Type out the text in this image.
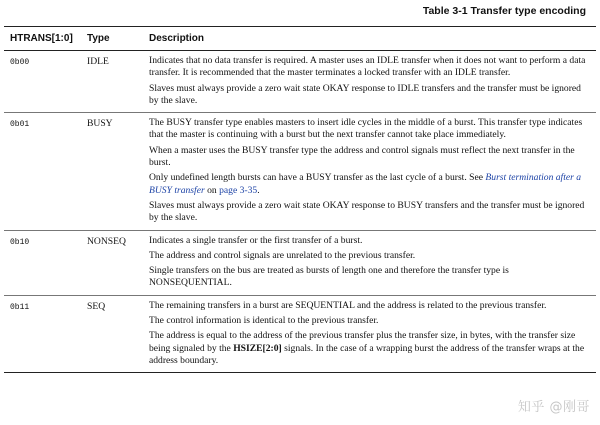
Table 3-1 Transfer type encoding
HTRANS[1:0]	Type	Description
0b00	IDLE	Indicates that no data transfer is required. A master uses an IDLE transfer when it does not want to perform a data transfer. It is recommended that the master terminates a locked transfer with an IDLE transfer.

Slaves must always provide a zero wait state OKAY response to IDLE transfers and the transfer must be ignored by the slave.

0b01	BUSY	The BUSY transfer type enables masters to insert idle cycles in the middle of a burst. This transfer type indicates that the master is continuing with a burst but the next transfer cannot take place immediately.

When a master uses the BUSY transfer type the address and control signals must reflect the next transfer in the burst.

Only undefined length bursts can have a BUSY transfer as the last cycle of a burst. See Burst termination after a BUSY transfer on page 3-35.

Slaves must always provide a zero wait state OKAY response to BUSY transfers and the transfer must be ignored by the slave.

0b10	NONSEQ	Indicates a single transfer or the first transfer of a burst.

The address and control signals are unrelated to the previous transfer.

Single transfers on the bus are treated as bursts of length one and therefore the transfer type is NONSEQUENTIAL.

0b11	SEQ	The remaining transfers in a burst are SEQUENTIAL and the address is related to the previous transfer.

The control information is identical to the previous transfer.

The address is equal to the address of the previous transfer plus the transfer size, in bytes, with the transfer size being signaled by the HSIZE[2:0] signals. In the case of a wrapping burst the address of the transfer wraps at the address boundary.

知乎 @刚哥
